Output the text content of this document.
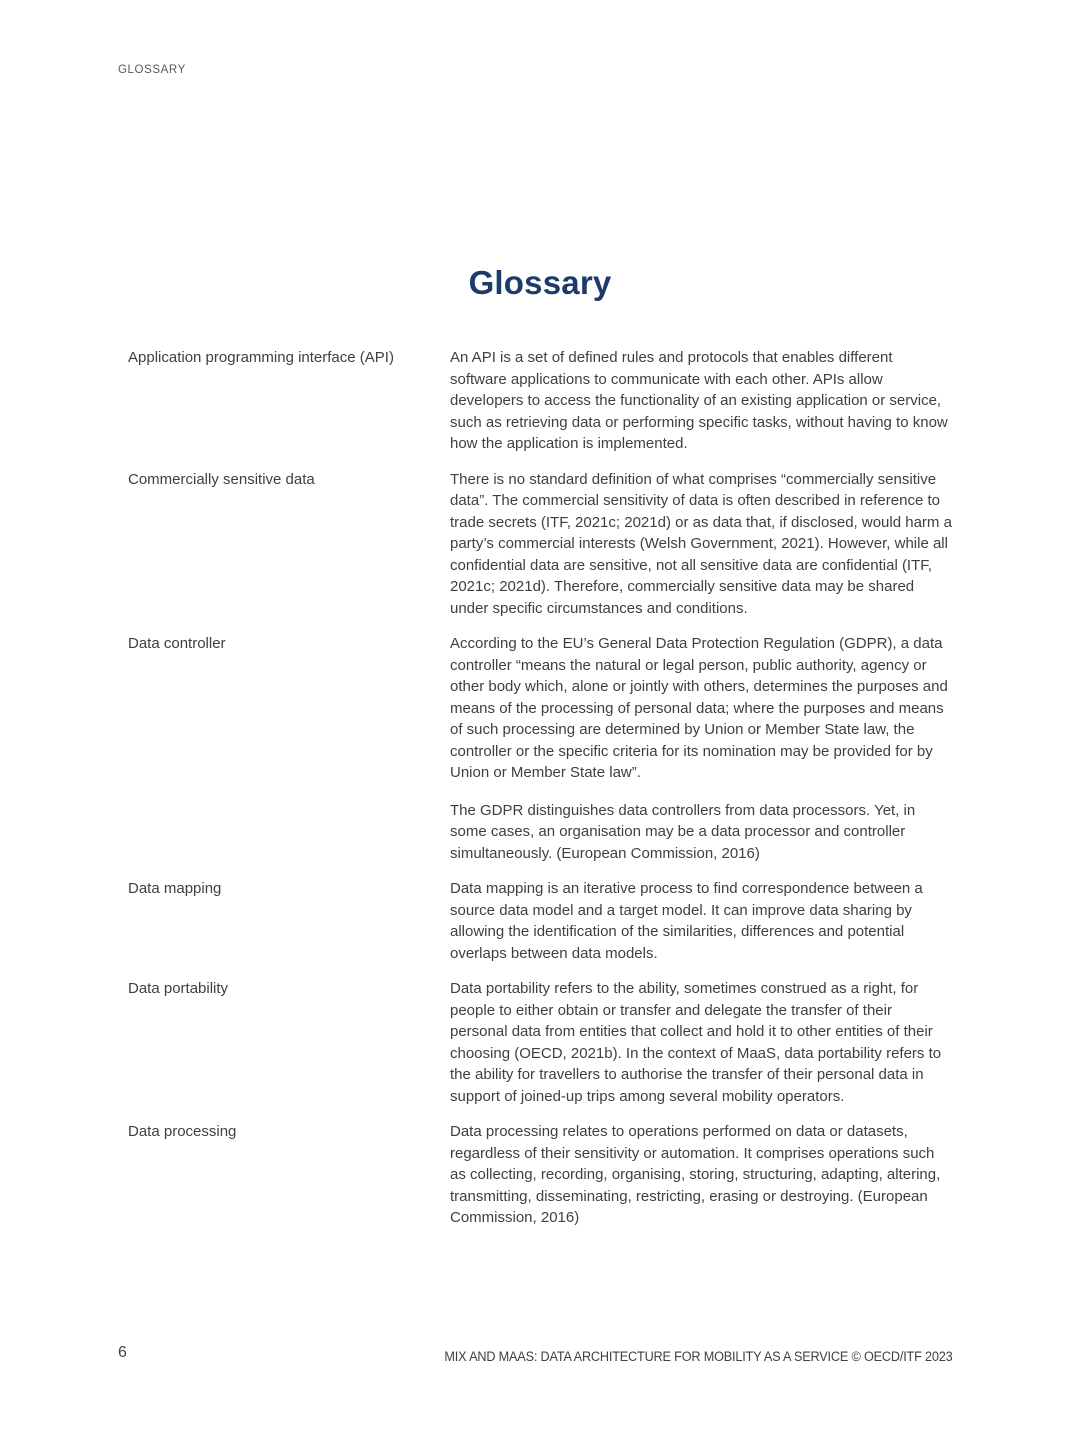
GLOSSARY
Glossary
Application programming interface (API)	An API is a set of defined rules and protocols that enables different software applications to communicate with each other. APIs allow developers to access the functionality of an existing application or service, such as retrieving data or performing specific tasks, without having to know how the application is implemented.

Commercially sensitive data	There is no standard definition of what comprises “commercially sensitive data”. The commercial sensitivity of data is often described in reference to trade secrets (ITF, 2021c; 2021d) or as data that, if disclosed, would harm a party’s commercial interests (Welsh Government, 2021). However, while all confidential data are sensitive, not all sensitive data are confidential (ITF, 2021c; 2021d). Therefore, commercially sensitive data may be shared under specific circumstances and conditions.

Data controller	According to the EU’s General Data Protection Regulation (GDPR), a data controller “means the natural or legal person, public authority, agency or other body which, alone or jointly with others, determines the purposes and means of the processing of personal data; where the purposes and means of such processing are determined by Union or Member State law, the controller or the specific criteria for its nomination may be provided for by Union or Member State law”.

The GDPR distinguishes data controllers from data processors. Yet, in some cases, an organisation may be a data processor and controller simultaneously. (European Commission, 2016)

Data mapping	Data mapping is an iterative process to find correspondence between a source data model and a target model. It can improve data sharing by allowing the identification of the similarities, differences and potential overlaps between data models.

Data portability	Data portability refers to the ability, sometimes construed as a right, for people to either obtain or transfer and delegate the transfer of their personal data from entities that collect and hold it to other entities of their choosing (OECD, 2021b). In the context of MaaS, data portability refers to the ability for travellers to authorise the transfer of their personal data in support of joined-up trips among several mobility operators.

Data processing	Data processing relates to operations performed on data or datasets, regardless of their sensitivity or automation. It comprises operations such as collecting, recording, organising, storing, structuring, adapting, altering, transmitting, disseminating, restricting, erasing or destroying. (European Commission, 2016)

6	MIX AND MAAS: DATA ARCHITECTURE FOR MOBILITY AS A SERVICE © OECD/ITF 2023
